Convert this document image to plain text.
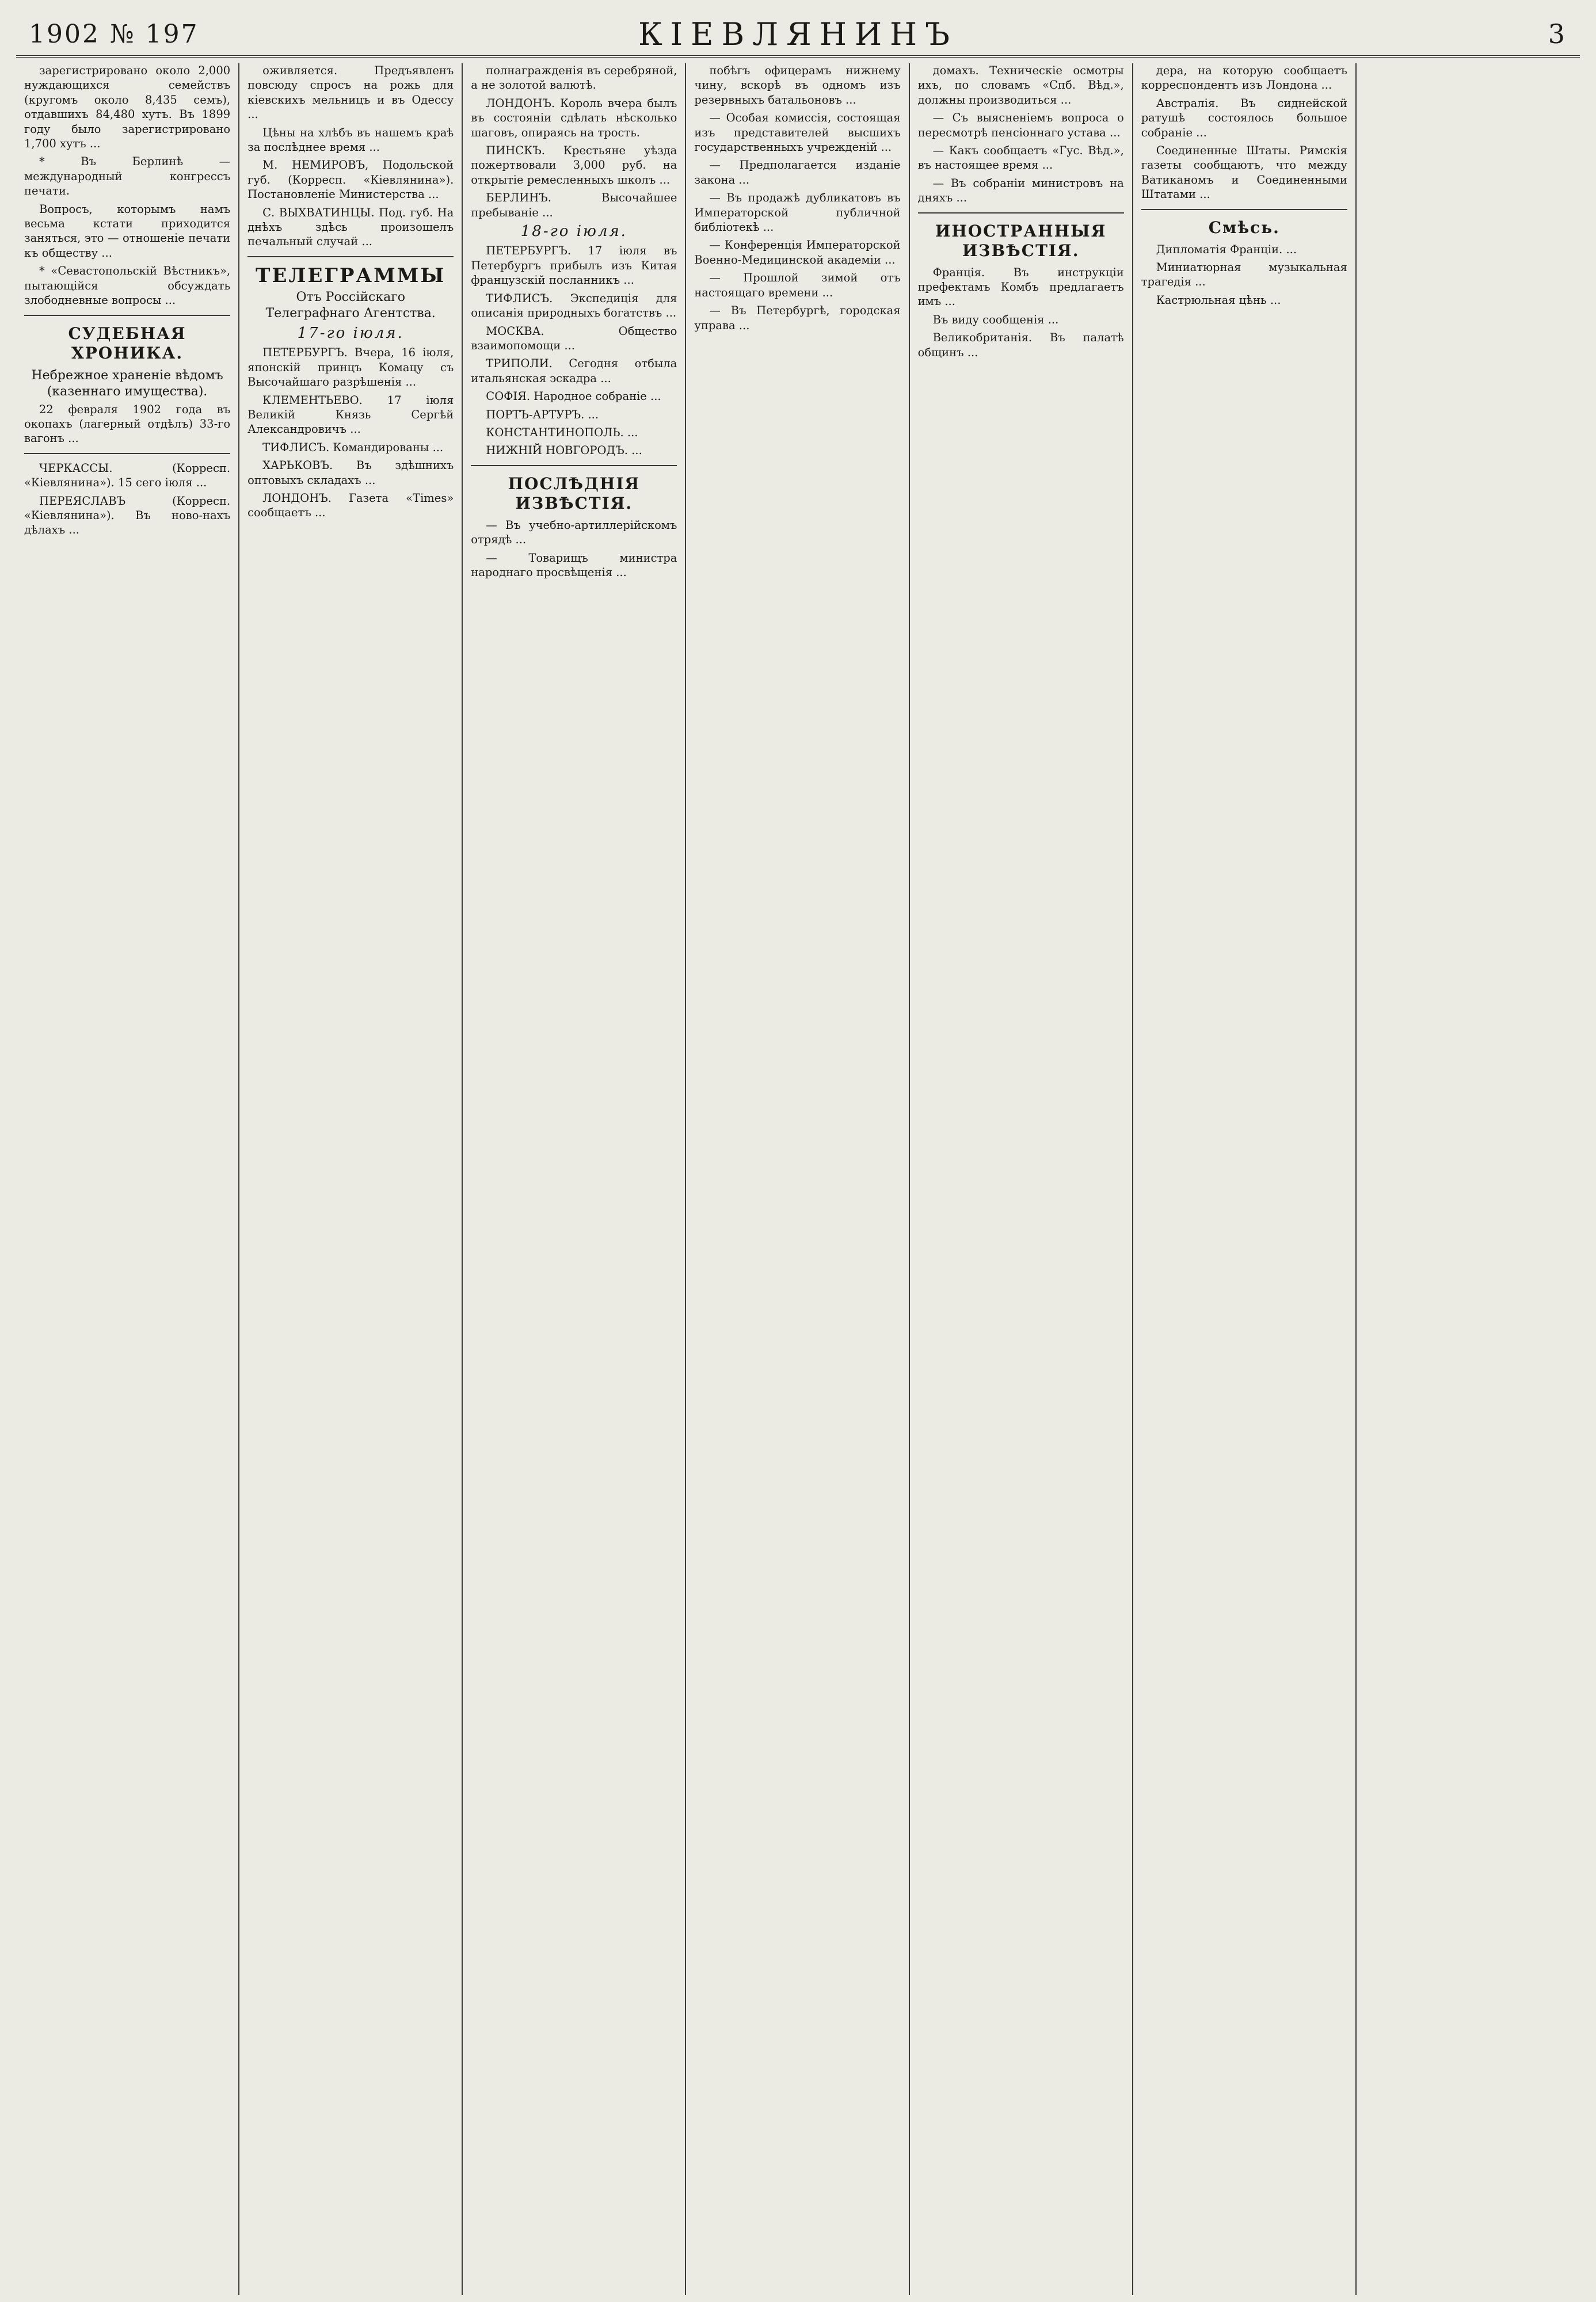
1902 № 197	КІЕВЛЯНИНЪ	3

зарегистрировано около 2,000 нуждающихся семействъ (кругомъ около 8,435 семъ), отдавшихъ 84,480 хутъ. Въ 1899 году было зарегистрировано 1,700 хутъ ...

* Въ Берлинѣ — международный конгрессъ печати.

Вопросъ, которымъ намъ весьма кстати приходится заняться, это — отношеніе печати къ обществу ...

* «Севастопольскій Вѣстникъ», пытающійся обсуждать злободневные вопросы ...

СУДЕБНАЯ ХРОНИКА.
Небрежное храненіе вѣдомъ (казеннаго имущества).

22 февраля 1902 года въ окопахъ (лагерный отдѣлъ) 33-го вагонъ ...

ЧЕРКАССЫ. (Корресп. «Кіевлянина»). 15 сего іюля ...

ПЕРЕЯСЛАВЪ (Корресп. «Кіевлянина»). Въ ново-нахъ дѣлахъ ...

оживляется. Предъявленъ повсюду спросъ на рожь для кіевскихъ мельницъ и въ Одессу ...

Цѣны на хлѣбъ въ нашемъ краѣ за послѣднее время ...

М. НЕМИРОВЪ, Подольской губ. (Корресп. «Кіевлянина»). Постановленіе Министерства ...

С. ВЫХВАТИНЦЫ. Под. губ. На днѣхъ здѣсь произошелъ печальный случай ...

ТЕЛЕГРАММЫ
Отъ Россійскаго Телеграфнаго Агентства.
17-го іюля.

ПЕТЕРБУРГЪ. Вчера, 16 іюля, японскій принцъ Комацу съ Высочайшаго разрѣшенія ...

КЛЕМЕНТЬЕВО. 17 іюля Великій Князь Сергѣй Александровичъ ...

ТИФЛИСЪ. Командированы ...

ХАРЬКОВЪ. Въ здѣшнихъ оптовыхъ складахъ ...

ЛОНДОНЪ. Газета «Times» сообщаетъ ...

полнагражденія въ серебряной, а не золотой валютѣ.

ЛОНДОНЪ. Король вчера былъ въ состояніи сдѣлать нѣсколько шаговъ, опираясь на трость.

ПИНСКЪ. Крестьяне уѣзда пожертвовали 3,000 руб. на открытіе ремесленныхъ школъ ...

БЕРЛИНЪ. Высочайшее пребываніе ...

18-го іюля.

ПЕТЕРБУРГЪ. 17 іюля въ Петербургъ прибылъ изъ Китая французскій посланникъ ...

ТИФЛИСЪ. Экспедиція для описанія природныхъ богатствъ ...

МОСКВА. Общество взаимопомощи ...

ТРИПОЛИ. Сегодня отбыла итальянская эскадра ...

СОФІЯ. Народное собраніе ...

ПОРТЪ-АРТУРЪ. ...

КОНСТАНТИНОПОЛЬ. ...

НИЖНІЙ НОВГОРОДЪ. ...

ПОСЛѢДНІЯ ИЗВѢСТІЯ.

— Въ учебно-артиллерійскомъ отрядѣ ...

— Товарищъ министра народнаго просвѣщенія ...

побѣгъ офицерамъ нижнему чину, вскорѣ въ одномъ изъ резервныхъ батальоновъ ...

— Особая комиссія, состоящая изъ представителей высшихъ государственныхъ учрежденій ...

— Предполагается изданіе закона ...

— Въ продажѣ дубликатовъ въ Императорской публичной библіотекѣ ...

— Конференція Императорской Военно-Медицинской академіи ...

— Прошлой зимой отъ настоящаго времени ...

— Въ Петербургѣ, городская управа ...

домахъ. Техническіе осмотры ихъ, по словамъ «Спб. Вѣд.», должны производиться ...

— Съ выясненіемъ вопроса о пересмотрѣ пенсіоннаго устава ...

— Какъ сообщаетъ «Гус. Вѣд.», въ настоящее время ...

— Въ собраніи министровъ на дняхъ ...

ИНОСТРАННЫЯ ИЗВѢСТІЯ.

Франція. Въ инструкціи префектамъ Комбъ предлагаетъ имъ ...

Въ виду сообщенія ...

Великобританія. Въ палатѣ общинъ ...

дера, на которую сообщаетъ корреспондентъ изъ Лондона ...

Австралія. Въ сиднейской ратушѣ состоялось большое собраніе ...

Соединенные Штаты. Римскія газеты сообщаютъ, что между Ватиканомъ и Соединенными Штатами ...

Смѣсь.

Дипломатія Франціи. ...

Миниатюрная музыкальная трагедія ...

Кастрюльная цѣнь ...
